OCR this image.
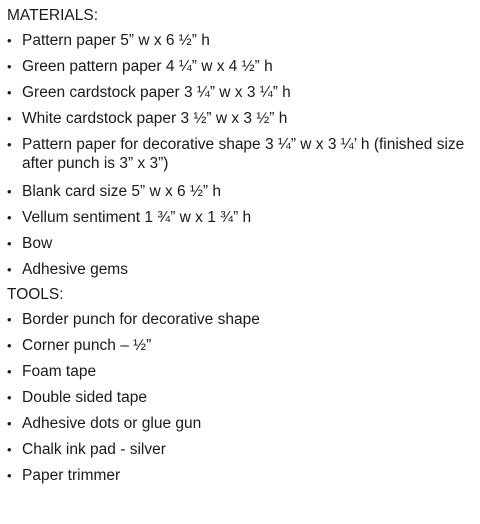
MATERIALS:
• Pattern paper 5” w x 6 ½” h
• Green pattern paper 4 ¼” w x 4 ½” h
• Green cardstock paper 3 ¼” w x 3 ¼” h
• White cardstock paper 3 ½” w x 3 ½” h
• Pattern paper for decorative shape 3 ¼” w x 3 ¼’ h (finished size after punch is 3” x 3”)
• Blank card size 5” w x 6 ½” h
• Vellum sentiment 1 ¾” w x 1 ¾” h
• Bow
• Adhesive gems
TOOLS:
• Border punch for decorative shape
• Corner punch – ½”
• Foam tape
• Double sided tape
• Adhesive dots or glue gun
• Chalk ink pad - silver
• Paper trimmer
